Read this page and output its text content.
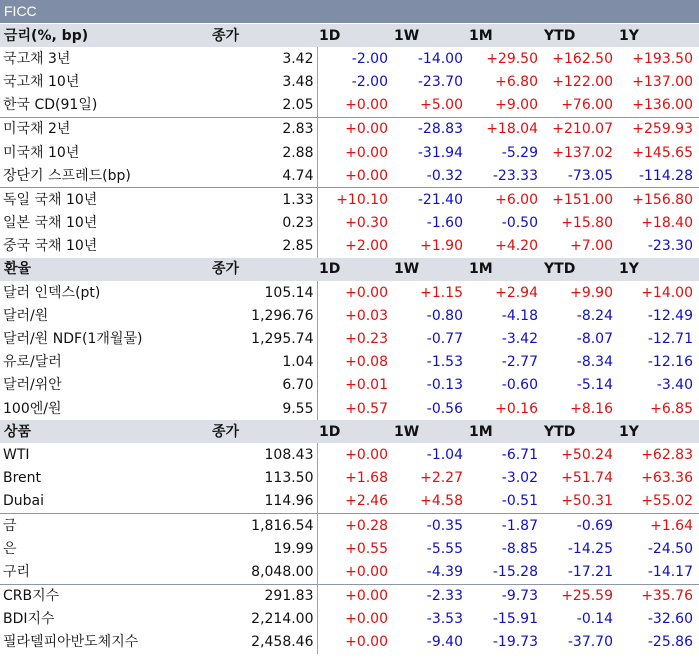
FICC
금리(%, bp)	종가	1D	1W	1M	YTD	1Y
국고채 3년	3.42	-2.00	-14.00	+29.50	+162.50	+193.50
국고채 10년	3.48	-2.00	-23.70	+6.80	+122.00	+137.00
한국 CD(91일)	2.05	+0.00	+5.00	+9.00	+76.00	+136.00
미국채 2년	2.83	+0.00	-28.83	+18.04	+210.07	+259.93
미국채 10년	2.88	+0.00	-31.94	-5.29	+137.02	+145.65
장단기 스프레드(bp)	4.74	+0.00	-0.32	-23.33	-73.05	-114.28
독일 국채 10년	1.33	+10.10	-21.40	+6.00	+151.00	+156.80
일본 국채 10년	0.23	+0.30	-1.60	-0.50	+15.80	+18.40
중국 국채 10년	2.85	+2.00	+1.90	+4.20	+7.00	-23.30
환율	종가	1D	1W	1M	YTD	1Y
달러 인덱스(pt)	105.14	+0.00	+1.15	+2.94	+9.90	+14.00
달러/원	1,296.76	+0.03	-0.80	-4.18	-8.24	-12.49
달러/원 NDF(1개월물)	1,295.74	+0.23	-0.77	-3.42	-8.07	-12.71
유로/달러	1.04	+0.08	-1.53	-2.77	-8.34	-12.16
달러/위안	6.70	+0.01	-0.13	-0.60	-5.14	-3.40
100엔/원	9.55	+0.57	-0.56	+0.16	+8.16	+6.85
상품	종가	1D	1W	1M	YTD	1Y
WTI	108.43	+0.00	-1.04	-6.71	+50.24	+62.83
Brent	113.50	+1.68	+2.27	-3.02	+51.74	+63.36
Dubai	114.96	+2.46	+4.58	-0.51	+50.31	+55.02
금	1,816.54	+0.28	-0.35	-1.87	-0.69	+1.64
은	19.99	+0.55	-5.55	-8.85	-14.25	-24.50
구리	8,048.00	+0.00	-4.39	-15.28	-17.21	-14.17
CRB지수	291.83	+0.00	-2.33	-9.73	+25.59	+35.76
BDI지수	2,214.00	+0.00	-3.53	-15.91	-0.14	-32.60
필라델피아반도체지수	2,458.46	+0.00	-9.40	-19.73	-37.70	-25.86
